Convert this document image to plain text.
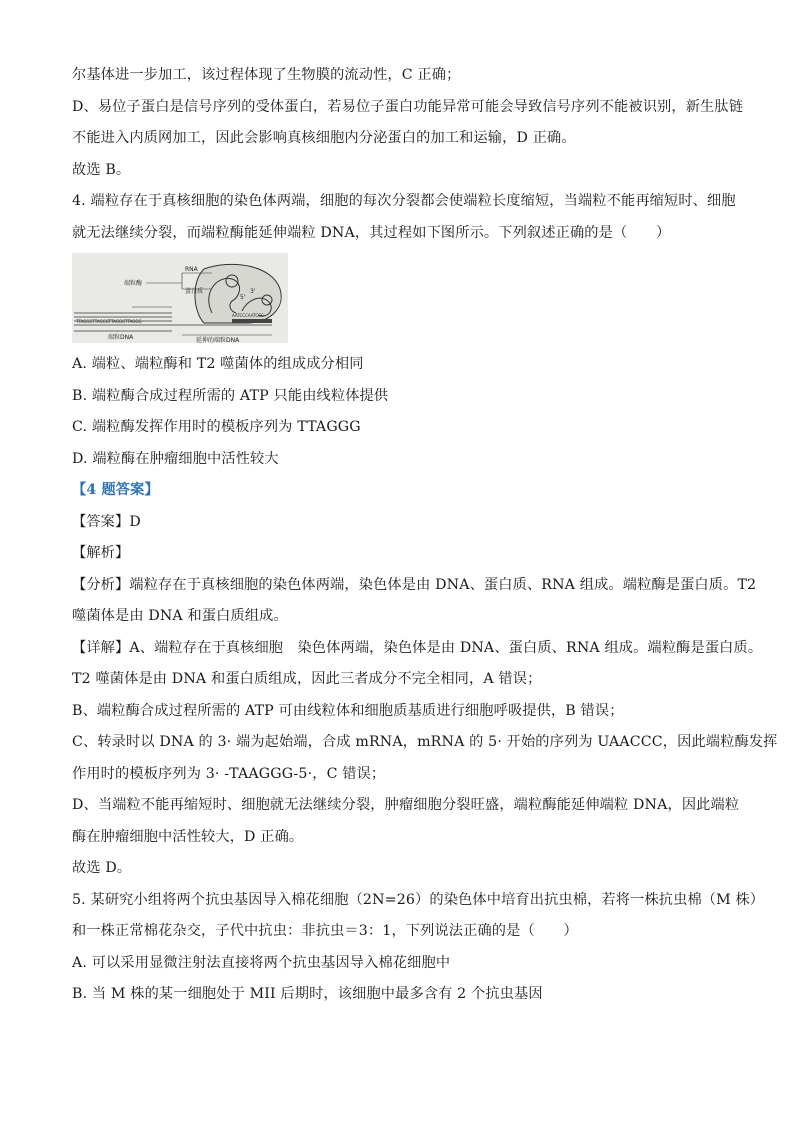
尔基体进一步加工，该过程体现了生物膜的流动性，C 正确；
D、易位子蛋白是信号序列的受体蛋白，若易位子蛋白功能异常可能会导致信号序列不能被识别，新生肽链
不能进入内质网加工，因此会影响真核细胞内分泌蛋白的加工和运输，D 正确。
故选 B。
4. 端粒存在于真核细胞的染色体两端，细胞的每次分裂都会使端粒长度缩短，当端粒不能再缩短时、细胞
就无法继续分裂，而端粒酶能延伸端粒 DNA，其过程如下图所示。下列叙述正确的是（　　）
端粒酶
RNA
蛋白质
端粒DNA	延伸的端粒DNA
TTAGGGTTAGGGTTAGGGTTAGGG
AATCCCAATCCC
3'
5'
A. 端粒、端粒酶和 T2 噬菌体的组成成分相同
B. 端粒酶合成过程所需的 ATP 只能由线粒体提供
C. 端粒酶发挥作用时的模板序列为 TTAGGG
D. 端粒酶在肿瘤细胞中活性较大
【4 题答案】
【答案】D
【解析】
【分析】端粒存在于真核细胞的染色体两端，染色体是由 DNA、蛋白质、RNA 组成。端粒酶是蛋白质。T2
噬菌体是由 DNA 和蛋白质组成。
【详解】A、端粒存在于真核细胞　染色体两端，染色体是由 DNA、蛋白质、RNA 组成。端粒酶是蛋白质。
T2 噬菌体是由 DNA 和蛋白质组成，因此三者成分不完全相同，A 错误；
B、端粒酶合成过程所需的 ATP 可由线粒体和细胞质基质进行细胞呼吸提供，B 错误；
C、转录时以 DNA 的 3· 端为起始端，合成 mRNA，mRNA 的 5· 开始的序列为 UAACCC，因此端粒酶发挥
作用时的模板序列为 3· -TAAGGG-5·，C 错误；
D、当端粒不能再缩短时、细胞就无法继续分裂，肿瘤细胞分裂旺盛，端粒酶能延伸端粒 DNA，因此端粒
酶在肿瘤细胞中活性较大，D 正确。
故选 D。
5. 某研究小组将两个抗虫基因导入棉花细胞（2N=26）的染色体中培育出抗虫棉，若将一株抗虫棉（M 株）
和一株正常棉花杂交，子代中抗虫：非抗虫＝3：1，下列说法正确的是（　　）
A. 可以采用显微注射法直接将两个抗虫基因导入棉花细胞中
B. 当 M 株的某一细胞处于 MII 后期时，该细胞中最多含有 2 个抗虫基因
